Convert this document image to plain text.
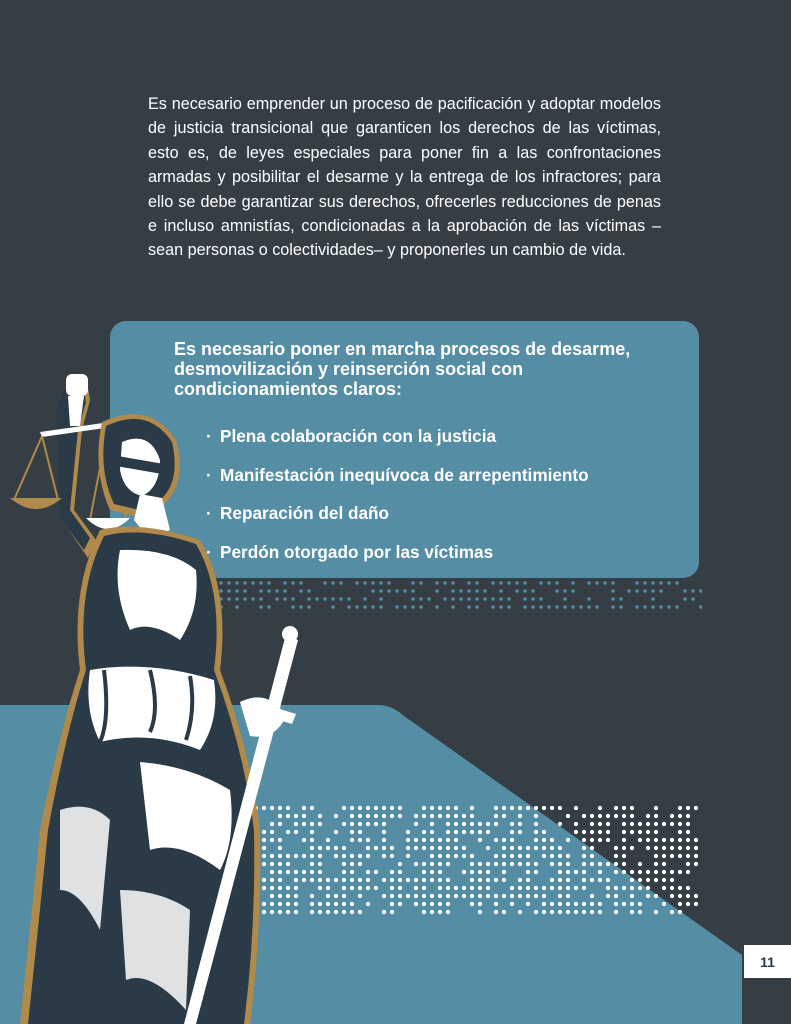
Es necesario emprender un proceso de pacificación y adoptar modelos de justicia transicional que garanticen los derechos de las víctimas, esto es, de leyes especiales para poner fin a las confrontaciones armadas y posibilitar el desarme y la entrega de los infractores; para ello se debe garantizar sus derechos, ofrecerles reducciones de penas e incluso amnistías, condicionadas a la aprobación de las víctimas –sean personas o colectividades– y proponerles un cambio de vida.

Es necesario poner en marcha procesos de desarme, desmovilización y reinserción social con condicionamientos claros:
· Plena colaboración con la justicia
· Manifestación inequívoca de arrepentimiento
· Reparación del daño
· Perdón otorgado por las víctimas
11
